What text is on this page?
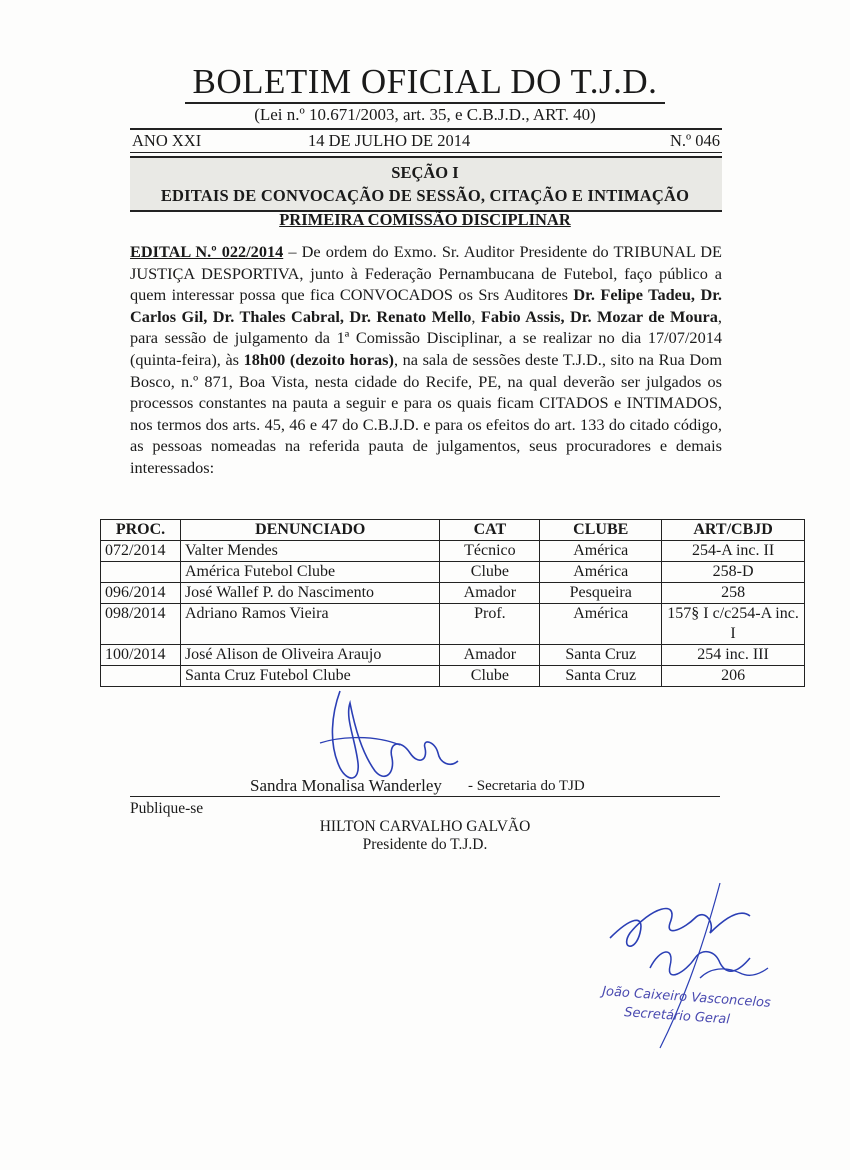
BOLETIM OFICIAL DO T.J.D.
(Lei n.º 10.671/2003, art. 35, e C.B.J.D., ART. 40)
ANO XXI	14 DE JULHO DE 2014	N.º 046
SEÇÃO I
EDITAIS DE CONVOCAÇÃO DE SESSÃO, CITAÇÃO E INTIMAÇÃO
PRIMEIRA COMISSÃO DISCIPLINAR
EDITAL N.º 022/2014 – De ordem do Exmo. Sr. Auditor Presidente do TRIBUNAL DE JUSTIÇA DESPORTIVA, junto à Federação Pernambucana de Futebol, faço público a quem interessar possa que fica CONVOCADOS os Srs Auditores Dr. Felipe Tadeu, Dr. Carlos Gil, Dr. Thales Cabral, Dr. Renato Mello, Fabio Assis, Dr. Mozar de Moura, para sessão de julgamento da 1ª Comissão Disciplinar, a se realizar no dia 17/07/2014 (quinta-feira), às 18h00 (dezoito horas), na sala de sessões deste T.J.D., sito na Rua Dom Bosco, n.º 871, Boa Vista, nesta cidade do Recife, PE, na qual deverão ser julgados os processos constantes na pauta a seguir e para os quais ficam CITADOS e INTIMADOS, nos termos dos arts. 45, 46 e 47 do C.B.J.D. e para os efeitos do art. 133 do citado código, as pessoas nomeadas na referida pauta de julgamentos, seus procuradores e demais interessados:
PROC.	DENUNCIADO	CAT	CLUBE	ART/CBJD
072/2014	Valter Mendes	Técnico	América	254-A inc. II
	América Futebol Clube	Clube	América	258-D
096/2014	José Wallef P. do Nascimento	Amador	Pesqueira	258
098/2014	Adriano Ramos Vieira	Prof.	América	157§ I c/c254-A inc. I
100/2014	José Alison de Oliveira Araujo	Amador	Santa Cruz	254 inc. III
	Santa Cruz Futebol Clube	Clube	Santa Cruz	206
Sandra Monalisa Wanderley - Secretaria do TJD
Publique-se
HILTON CARVALHO GALVÃO
Presidente do T.J.D.
João Caixeiro Vasconcelos
Secretário Geral
